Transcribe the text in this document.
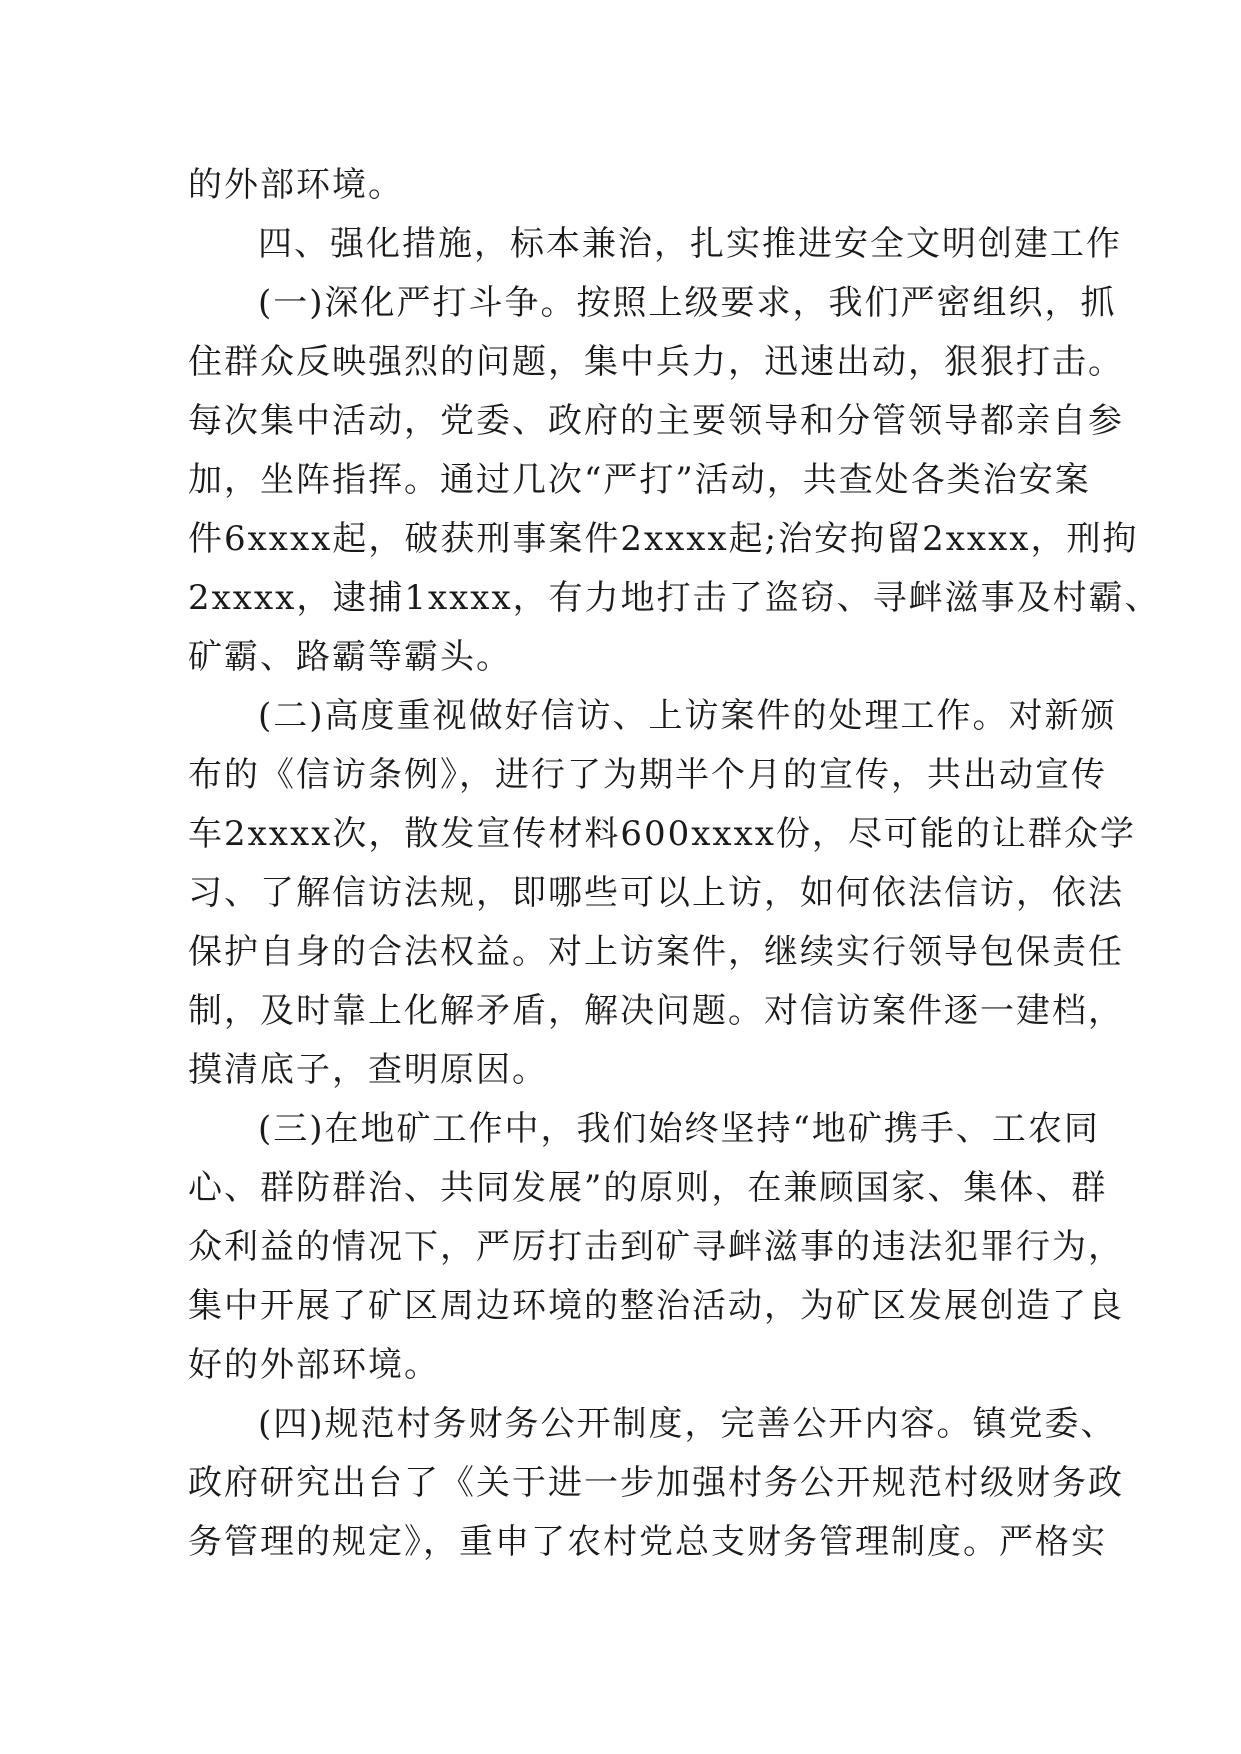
的外部环境。
四、强化措施，标本兼治，扎实推进安全文明创建工作
(一)深化严打斗争。按照上级要求，我们严密组织，抓
住群众反映强烈的问题，集中兵力，迅速出动，狠狠打击。
每次集中活动，党委、政府的主要领导和分管领导都亲自参
加，坐阵指挥。通过几次“严打”活动，共查处各类治安案
件6xxxx起，破获刑事案件2xxxx起;治安拘留2xxxx，刑拘
2xxxx，逮捕1xxxx，有力地打击了盗窃、寻衅滋事及村霸、
矿霸、路霸等霸头。
(二)高度重视做好信访、上访案件的处理工作。对新颁
布的《信访条例》，进行了为期半个月的宣传，共出动宣传
车2xxxx次，散发宣传材料600xxxx份，尽可能的让群众学
习、了解信访法规，即哪些可以上访，如何依法信访，依法
保护自身的合法权益。对上访案件，继续实行领导包保责任
制，及时靠上化解矛盾，解决问题。对信访案件逐一建档，
摸清底子，查明原因。
(三)在地矿工作中，我们始终坚持“地矿携手、工农同
心、群防群治、共同发展”的原则，在兼顾国家、集体、群
众利益的情况下，严厉打击到矿寻衅滋事的违法犯罪行为，
集中开展了矿区周边环境的整治活动，为矿区发展创造了良
好的外部环境。
(四)规范村务财务公开制度，完善公开内容。镇党委、
政府研究出台了《关于进一步加强村务公开规范村级财务政
务管理的规定》，重申了农村党总支财务管理制度。严格实
